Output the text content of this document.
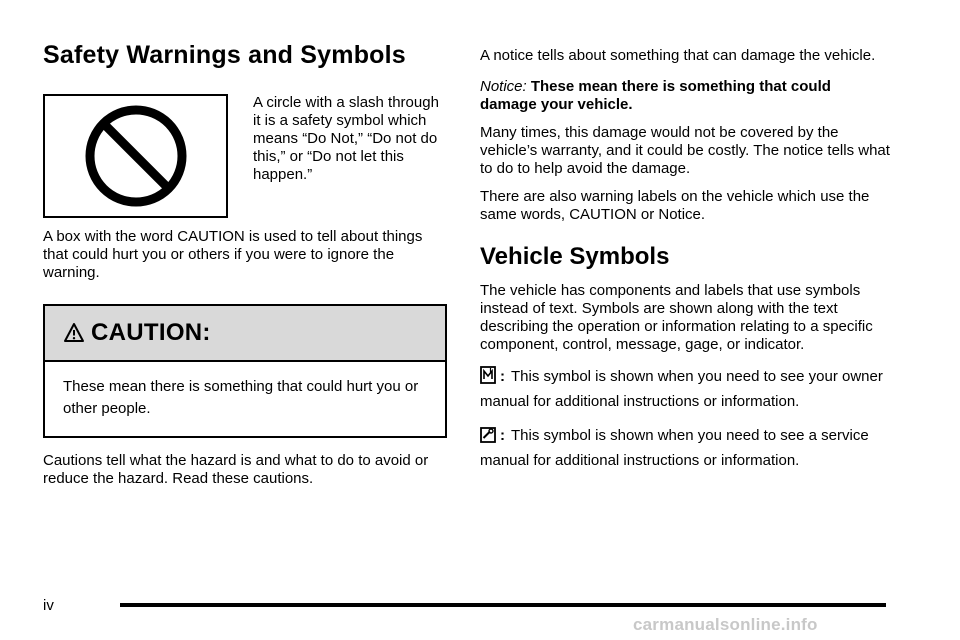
Safety Warnings and Symbols

A circle with a slash through it is a safety symbol which means “Do Not,” “Do not do this,” or “Do not let this happen.”

A box with the word CAUTION is used to tell about things that could hurt you or others if you were to ignore the warning.

CAUTION:
These mean there is something that could hurt you or other people.

Cautions tell what the hazard is and what to do to avoid or reduce the hazard. Read these cautions.

A notice tells about something that can damage the vehicle.

Notice: These mean there is something that could damage your vehicle.

Many times, this damage would not be covered by the vehicle’s warranty, and it could be costly. The notice tells what to do to help avoid the damage.

There are also warning labels on the vehicle which use the same words, CAUTION or Notice.

Vehicle Symbols

The vehicle has components and labels that use symbols instead of text. Symbols are shown along with the text describing the operation or information relating to a specific component, control, message, gage, or indicator.

: This symbol is shown when you need to see your owner manual for additional instructions or information.

: This symbol is shown when you need to see a service manual for additional instructions or information.

iv
carmanualsonline.info
